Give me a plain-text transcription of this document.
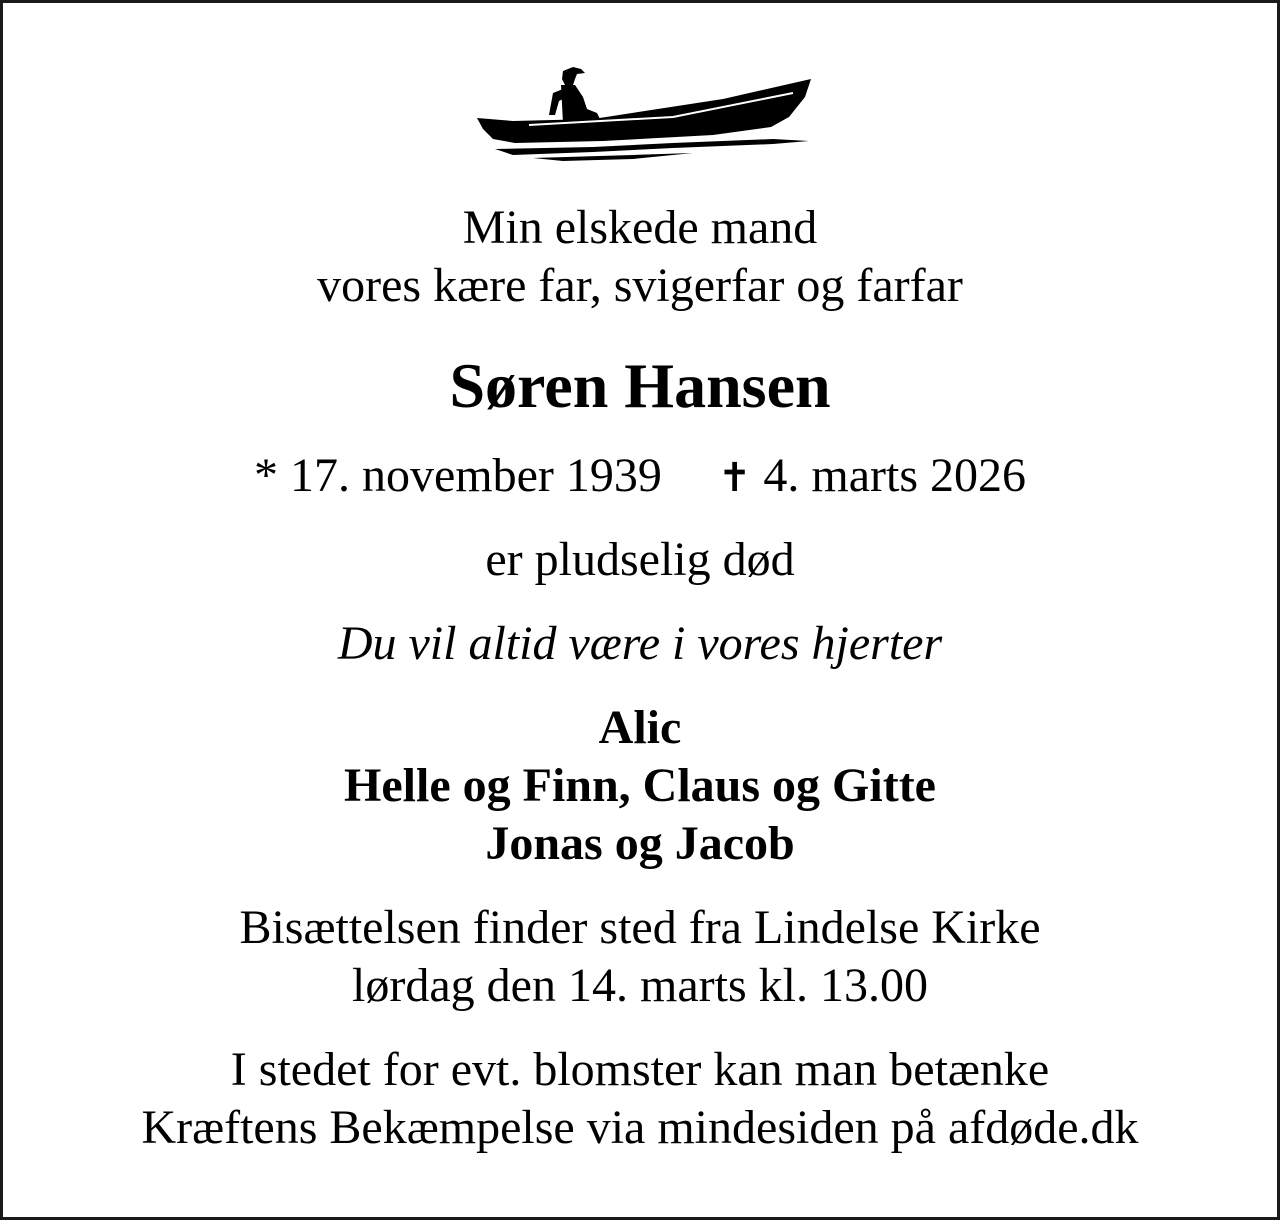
Min elskede mand
vores kære far, svigerfar og farfar
Søren Hansen
* 17. november 1939 ✝ 4. marts 2026
er pludselig død
Du vil altid være i vores hjerter
Alic
Helle og Finn, Claus og Gitte
Jonas og Jacob
Bisættelsen finder sted fra Lindelse Kirke
lørdag den 14. marts kl. 13.00
I stedet for evt. blomster kan man betænke
Kræftens Bekæmpelse via mindesiden på afdøde.dk
